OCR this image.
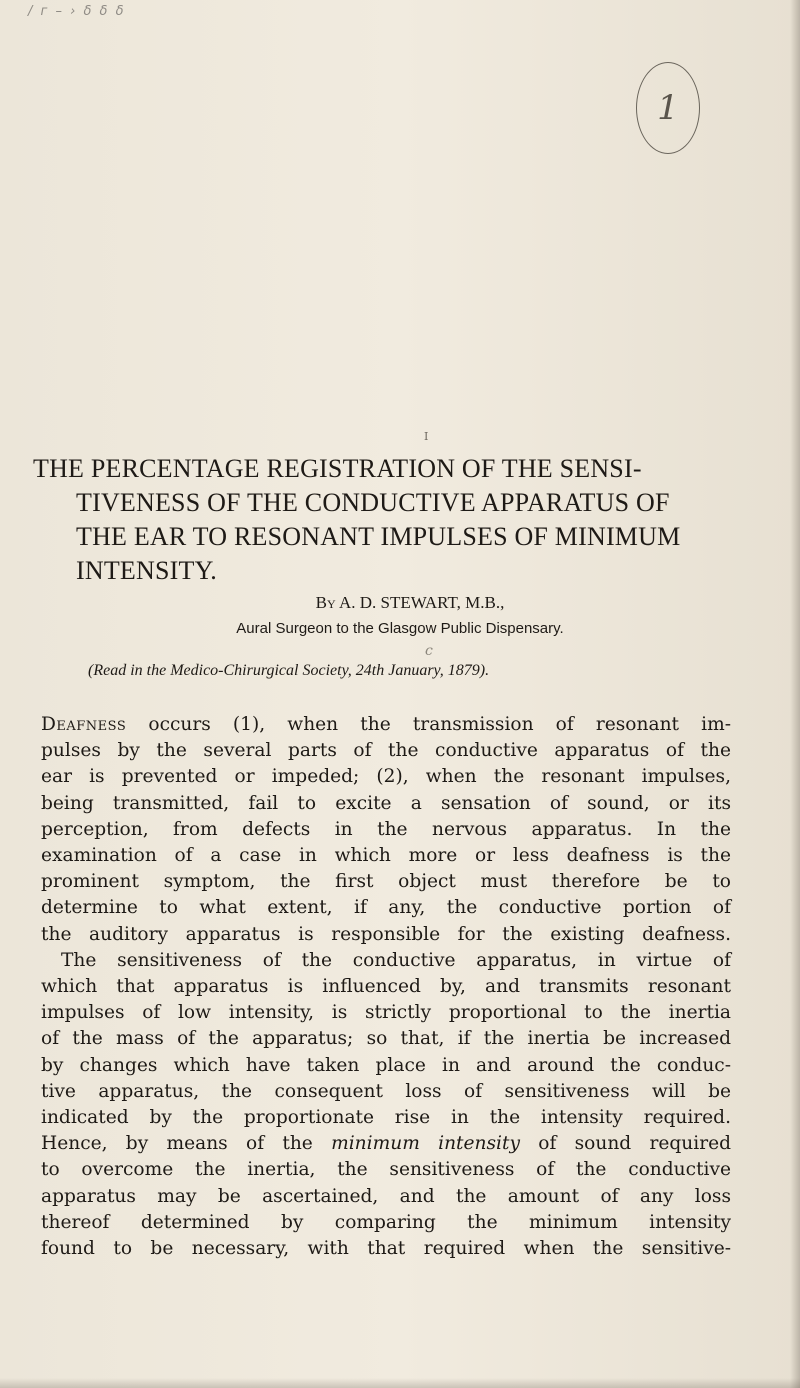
/ г – › δ δ δ
1
I
THE PERCENTAGE REGISTRATION OF THE SENSI-
TIVENESS OF THE CONDUCTIVE APPARATUS OF
THE EAR TO RESONANT IMPULSES OF MINIMUM
INTENSITY.
By A. D. STEWART, M.B.,
Aural Surgeon to the Glasgow Public Dispensary.
c
(Read in the Medico-Chirurgical Society, 24th January, 1879).
Deafness occurs (1), when the transmission of resonant im-
pulses by the several parts of the conductive apparatus of the
ear is prevented or impeded; (2), when the resonant impulses,
being transmitted, fail to excite a sensation of sound, or its
perception, from defects in the nervous apparatus. In the
examination of a case in which more or less deafness is the
prominent symptom, the first object must therefore be to
determine to what extent, if any, the conductive portion of
the auditory apparatus is responsible for the existing deafness.
The sensitiveness of the conductive apparatus, in virtue of
which that apparatus is influenced by, and transmits resonant
impulses of low intensity, is strictly proportional to the inertia
of the mass of the apparatus; so that, if the inertia be increased
by changes which have taken place in and around the conduc-
tive apparatus, the consequent loss of sensitiveness will be
indicated by the proportionate rise in the intensity required.
Hence, by means of the minimum intensity of sound required
to overcome the inertia, the sensitiveness of the conductive
apparatus may be ascertained, and the amount of any loss
thereof determined by comparing the minimum intensity
found to be necessary, with that required when the sensitive-
